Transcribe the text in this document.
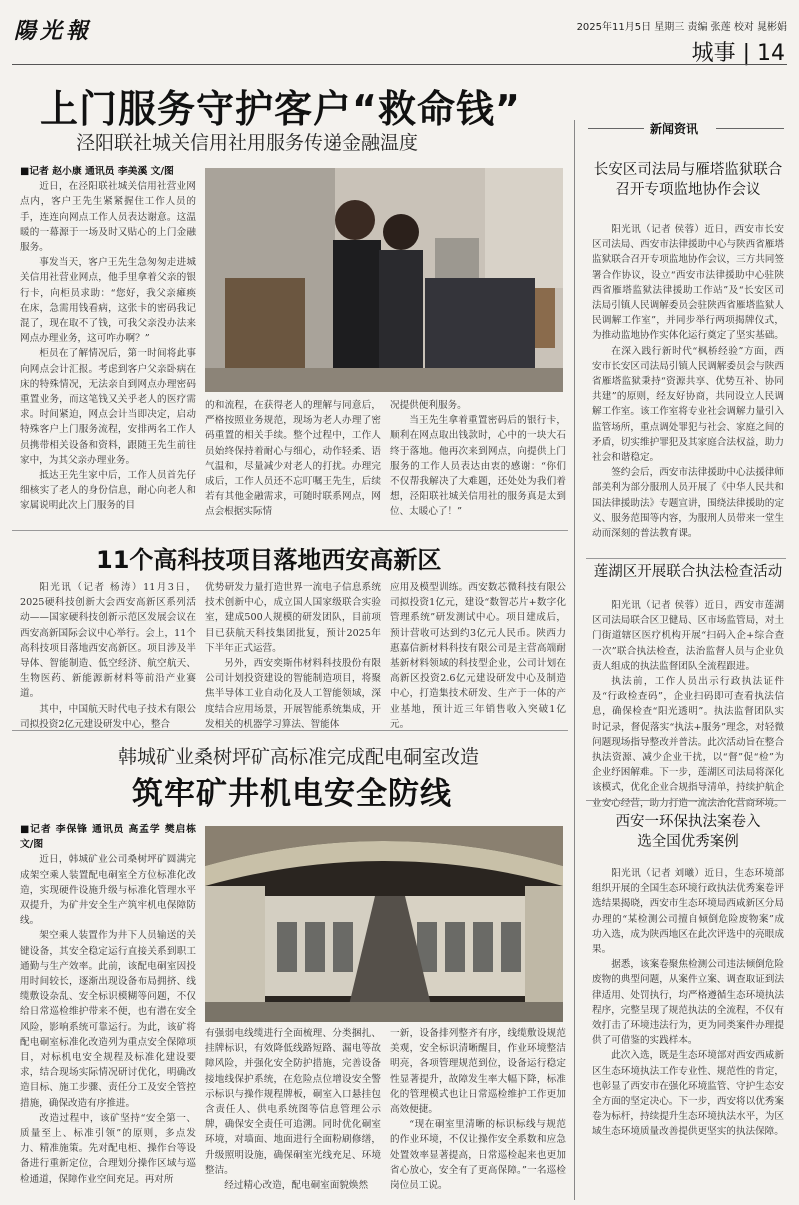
陽光報	2025年11月5日 星期三 责编 张莲 校对 晁彬娟
城事 | 14
上门服务守护客户“救命钱”
泾阳联社城关信用社用服务传递金融温度
■记者 赵小康 通讯员 李美溪 文/图

近日，在泾阳联社城关信用社营业网点内，客户王先生紧紧握住工作人员的手，连连向网点工作人员表达谢意。这温暖的一幕源于一场及时又贴心的上门金融服务。

事发当天，客户王先生急匆匆走进城关信用社营业网点，他手里拿着父亲的银行卡，向柜员求助：“您好，我父亲瘫痪在床，急需用钱看病，这张卡的密码我记混了，现在取不了钱，可我父亲没办法来网点办理业务，这可咋办啊？”

柜员在了解情况后，第一时间将此事向网点会计汇报。考虑到客户父亲卧病在床的特殊情况，无法亲自到网点办理密码重置业务，而这笔钱又关乎老人的医疗需求。时间紧迫，网点会计当即决定，启动特殊客户上门服务流程，安排两名工作人员携带相关设备和资料，跟随王先生前往家中，为其父亲办理业务。

抵达王先生家中后，工作人员首先仔细核实了老人的身份信息，耐心向老人和家属说明此次上门服务的目

的和流程，在获得老人的理解与同意后，严格按照业务规范，现场为老人办理了密码重置的相关手续。整个过程中，工作人员始终保持着耐心与细心，动作轻柔、语气温和，尽量减少对老人的打扰。办理完成后，工作人员还不忘叮嘱王先生，后续若有其他金融需求，可随时联系网点，网点会根据实际情

况提供便利服务。

当王先生拿着重置密码后的银行卡，顺利在网点取出钱款时，心中的一块大石终于落地。他再次来到网点，向提供上门服务的工作人员表达由衷的感谢：“你们不仅帮我解决了大难题，还处处为我们着想，泾阳联社城关信用社的服务真是太到位、太暖心了！”

11个高科技项目落地西安高新区

阳光讯（记者 杨涛）11月3日，2025硬科技创新大会西安高新区系列活动——国家硬科技创新示范区发展会议在西安高新国际会议中心举行。会上，11个高科技项目落地西安高新区。项目涉及半导体、智能制造、低空经济、航空航天、生物医药、新能源新材料等前沿产业赛道。

其中，中国航天时代电子技术有限公司拟投资2亿元建设研发中心，整合

优势研发力量打造世界一流电子信息系统技术创新中心，成立国人国家级联合实验室，建成500人规模的研发团队，目前项目已获航天科技集团批复，预计2025年下半年正式运营。

另外，西安奕斯伟材料科技股份有限公司计划投资建设的智能制造项目，将聚焦半导体工业自动化及人工智能领域，深度结合应用场景，开展智能系统集成，开发相关的机器学习算法、智能体

应用及模型训练。西安数芯微科技有限公司拟投资1亿元，建设“数智芯片+数字化管理系统”研发测试中心。项目建成后，预计营收可达到约3亿元人民币。陕西力惠嘉信新材料科技有限公司是主营高端耐基新材料领域的科技型企业，公司计划在高新区投资2.6亿元建设研发中心及制造中心，打造集技术研发、生产于一体的产业基地，预计近三年销售收入突破1亿元。

韩城矿业桑树坪矿高标准完成配电硐室改造
筑牢矿井机电安全防线
■记者 李保锋 通讯员 高孟学 樊启栋 文/图

近日，韩城矿业公司桑树坪矿圆满完成架空乘人装置配电硐室全方位标准化改造，实现硬件设施升级与标准化管理水平双提升，为矿井安全生产筑牢机电保障防线。

架空乘人装置作为井下人员输送的关键设备，其安全稳定运行直接关系到职工通勤与生产效率。此前，该配电硐室因投用时间较长，逐渐出现设备布局拥挤、线缆敷设杂乱、安全标识模糊等问题，不仅给日常巡检维护带来不便，也有潜在安全风险，影响系统可靠运行。为此，该矿将配电硐室标准化改造列为重点安全保障项目，对标机电安全规程及标准化建设要求，结合现场实际情况研讨优化，明确改造目标、施工步骤、责任分工及安全管控措施，确保改造有序推进。

改造过程中，该矿坚持“安全第一、质量至上、标准引领”的原则，多点发力、精准施策。先对配电柜、操作台等设备进行重新定位，合理划分操作区域与巡检通道，保障作业空间充足。再对所

有强弱电线缆进行全面梳理、分类捆扎、挂牌标识，有效降低线路短路、漏电等故障风险，并强化安全防护措施，完善设备接地线保护系统，在危险点位增设安全警示标识与操作规程牌板，硐室入口悬挂包含责任人、供电系统图等信息管理公示牌，确保安全责任可追溯。同时优化硐室环境，对墙面、地面进行全面粉刷修缮，升级照明设施，确保硐室光线充足、环境整洁。

经过精心改造，配电硐室面貌焕然

一新，设备排列整齐有序，线缆敷设规范美观，安全标识清晰醒目，作业环境整洁明亮，各项管理规范到位，设备运行稳定性显著提升，故障发生率大幅下降，标准化的管理模式也让日常巡检维护工作更加高效便捷。

“现在硐室里清晰的标识标线与规范的作业环境，不仅让操作安全系数和应急处置效率显著提高，日常巡检起来也更加省心放心，安全有了更高保障。”一名巡检岗位员工说。

新闻资讯
长安区司法局与雁塔监狱联合召开专项监地协作会议

阳光讯（记者 侯蓉）近日，西安市长安区司法局、西安市法律援助中心与陕西省雁塔监狱联合召开专项监地协作会议，三方共同签署合作协议，设立“西安市法律援助中心驻陕西省雁塔监狱法律援助工作站”及“长安区司法局引镇人民调解委员会驻陕西省雁塔监狱人民调解工作室”，并同步举行两项揭牌仪式，为推动监地协作实体化运行奠定了坚实基础。

在深入践行新时代“枫桥经验”方面，西安市长安区司法局引镇人民调解委员会与陕西省雁塔监狱秉持“资源共享、优势互补、协同共建”的原则，经友好协商，共同设立人民调解工作室。该工作室将专业社会调解力量引入监管场所，重点调处罪犯与社会、家庭之间的矛盾，切实维护罪犯及其家庭合法权益，助力社会和谐稳定。

签约会后，西安市法律援助中心法援律师部美利为部分服刑人员开展了《中华人民共和国法律援助法》专题宣讲，围绕法律援助的定义、服务范围等内容，为服刑人员带来一堂生动而深刻的普法教育课。

莲湖区开展联合执法检查活动

阳光讯（记者 侯蓉）近日，西安市莲湖区司法局联合区卫健局、区市场监管局，对土门街道辖区医疗机构开展“扫码入企+综合查一次”联合执法检查，法治监督人员与企业负责人组成的执法监督团队全流程跟进。

执法前，工作人员出示行政执法证件及“行政检查码”，企业扫码即可查看执法信息，确保检查“阳光透明”。执法监督团队实时记录，督促落实“执法+服务”理念，对轻微问题现场指导整改并普法。此次活动旨在整合执法资源、减少企业干扰，以“督”促“检”为企业纾困解难。下一步，莲湖区司法局将深化该模式，优化企业合规指导清单，持续护航企业安心经营，助力打造一流法治化营商环境。

西安一环保执法案卷入选全国优秀案例

阳光讯（记者 刘曦）近日，生态环境部组织开展的全国生态环境行政执法优秀案卷评选结果揭晓，西安市生态环境局西咸新区分局办理的“某检测公司擅自倾倒危险废物案”成功入选，成为陕西地区在此次评选中的亮眼成果。

据悉，该案卷聚焦检测公司违法倾倒危险废物的典型问题，从案件立案、调查取证到法律适用、处罚执行，均严格遵循生态环境执法程序，完整呈现了规范执法的全流程，不仅有效打击了环境违法行为，更为同类案件办理提供了可借鉴的实践样本。

此次入选，既是生态环境部对西安西咸新区生态环境执法工作专业性、规范性的肯定，也彰显了西安市在强化环境监管、守护生态安全方面的坚定决心。下一步，西安将以优秀案卷为标杆，持续提升生态环境执法水平，为区域生态环境质量改善提供更坚实的执法保障。
